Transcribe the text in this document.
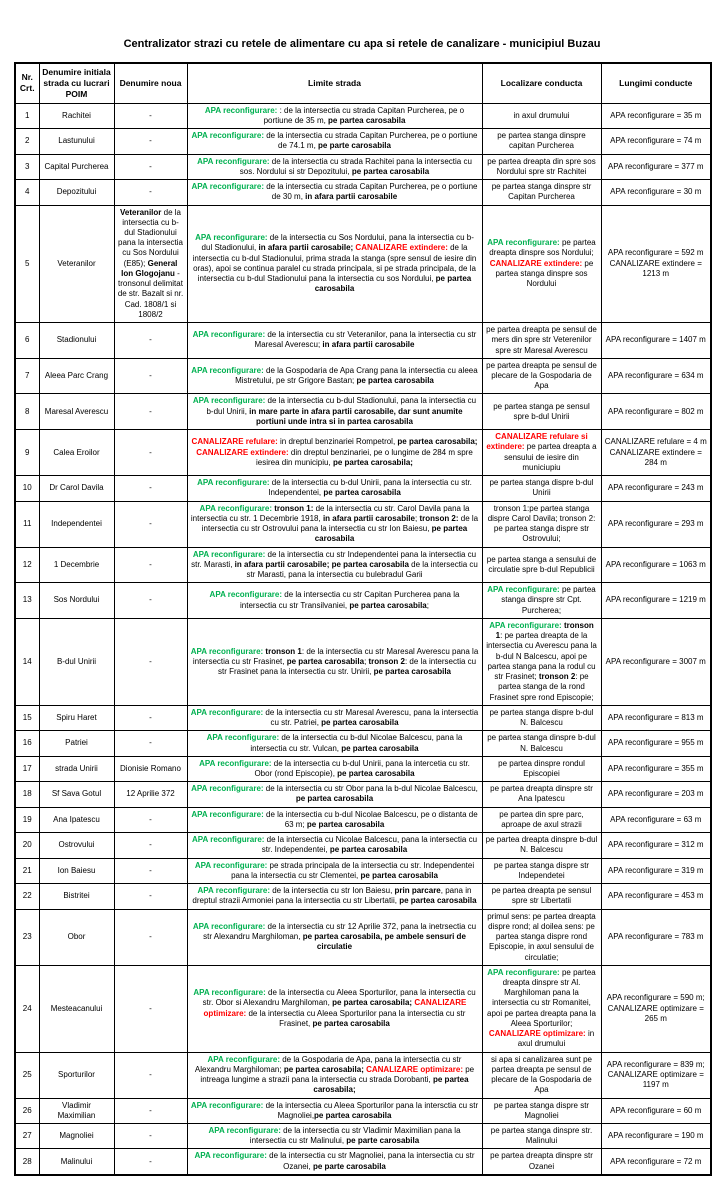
Centralizator strazi cu retele de alimentare cu apa si retele de canalizare - municipiul Buzau
Nr. Crt.	Denumire initiala strada cu lucrari POIM	Denumire noua	Limite strada	Localizare conducta	Lungimi conducte
1	Rachitei	-	APA reconfigurare: : de la intersectia cu strada Capitan Purcherea, pe o portiune de 35 m, pe partea carosabila	in axul drumului	APA reconfigurare = 35 m
2	Lastunului	-	APA reconfigurare: de la intersectia cu strada Capitan Purcherea, pe o portiune de 74.1 m, pe parte carosabila	pe partea stanga dinspre capitan Purcherea	APA reconfigurare = 74 m
3	Capital Purcherea	-	APA reconfigurare: de la intersectia cu strada Rachitei pana la intersectia cu sos. Nordului si str Depozitului, pe partea carosabila	pe partea dreapta din spre sos Nordului spre str Rachitei	APA reconfigurare = 377 m
4	Depozitului	-	APA reconfigurare: de la intersectia cu strada Capitan Purcherea, pe o portiune de 30 m, in afara partii carosabile	pe partea stanga dinspre str Capitan Purcherea	APA reconfigurare = 30 m
5	Veteranilor	Veteranilor de la intersectia cu b-dul Stadionului pana la intersectia cu Sos Nordului (E85); General Ion Glogojanu - tronsonul delimitat de str. Bazalt si nr. Cad. 1808/1 si 1808/2	APA reconfigurare: de la intersectia cu Sos Nordului, pana la intersectia cu b-dul Stadionului, in afara partii carosabile; CANALIZARE extindere: de la intersectia cu b-dul Stadionului, prima strada la stanga (spre sensul de iesire din oras), apoi se continua paralel cu strada principala, si pe strada principala, de la intersectia cu b-dul Stadionului pana la intersectia cu sos Nordului, pe partea carosabila	APA reconfigurare: pe partea dreapta dinspre sos Nordului; CANALIZARE extindere: pe partea stanga dinspre sos Nordului	APA reconfigurare = 592 m CANALIZARE extindere = 1213 m
6	Stadionului	-	APA reconfigurare: de la intersectia cu str Veteranilor, pana la intersectia cu str Maresal Averescu; in afara partii carosabile	pe partea dreapta pe sensul de mers din spre str Veterenilor spre str Maresal Averescu	APA reconfigurare = 1407 m
7	Aleea Parc Crang	-	APA reconfigurare: de la Gospodaria de Apa Crang pana la intersectia cu aleea Mistretului, pe str Grigore Bastan; pe partea carosabila	pe partea dreapta pe sensul de plecare de la Gospodaria de Apa	APA reconfigurare = 634 m
8	Maresal Averescu	-	APA reconfigurare: de la intersectia cu b-dul Stadionului, pana la intersectia cu b-dul Unirii, in mare parte in afara partii carosabile, dar sunt anumite portiuni unde intra si in partea carosabila	pe partea stanga pe sensul spre b-dul Unirii	APA reconfigurare = 802 m
9	Calea Eroilor	-	CANALIZARE refulare: in dreptul benzinariei Rompetrol, pe partea carosabila; CANALIZARE extindere: din dreptul benzinariei, pe o lungime de 284 m spre iesirea din municipiu, pe partea carosabila;	CANALIZARE refulare si extindere: pe partea dreapta a sensului de iesire din municiupiu	CANALIZARE refulare = 4 m CANALIZARE extindere = 284 m
10	Dr Carol Davila	-	APA reconfigurare: de la intersectia cu b-dul Unirii, pana la intersectia cu str. Independentei, pe partea carosabila	pe partea stanga dispre b-dul Unirii	APA reconfigurare = 243 m
11	Independentei	-	APA reconfigurare: tronson 1: de la intersectia cu str. Carol Davila pana la intersectia cu str. 1 Decembrie 1918, in afara partii carosabile; tronson 2: de la intersectia cu str Ostrovului pana la intersectia cu str Ion Baiesu, pe partea carosabila	tronson 1:pe partea stanga dispre Carol Davila; tronson 2: pe partea stanga dispre str Ostrovului;	APA reconfigurare = 293 m
12	1 Decembrie	-	APA reconfigurare: de la intersectia cu str Independentei pana la intersectia cu str. Marasti, in afara partii carosabile; pe partea carosabila de la intersectia cu str Marasti, pana la intersectia cu bulebradul Garii	pe partea stanga a sensului de circulatie spre b-dul Republicii	APA reconfigurare = 1063 m
13	Sos Nordului	-	APA reconfigurare: de la intersectia cu str Capitan Purcherea pana la intersectia cu str Transilvaniei, pe partea carosabila;	APA reconfigurare: pe partea stanga dinspre str Cpt. Purcherea;	APA reconfigurare = 1219 m
14	B-dul Unirii	-	APA reconfigurare: tronson 1: de la intersectia cu str Maresal Averescu pana la intersectia cu str Frasinet, pe partea carosabila; tronson 2: de la intersectia cu str Frasinet pana la intersectia cu str. Unirii, pe partea carosabila	APA reconfigurare: tronson 1: pe partea dreapta de la intersectia cu Averescu pana la b-dul N Balcescu, apoi pe partea stanga pana la rodul cu str Frasinet; tronson 2: pe partea stanga de la rond Frasinet spre rond Episcopie;	APA reconfigurare = 3007 m
15	Spiru Haret	-	APA reconfigurare: de la intersectia cu str Maresal Averescu, pana la intersectia cu str. Patriei, pe partea carosabila	pe partea stanga dispre b-dul N. Balcescu	APA reconfigurare = 813 m
16	Patriei	-	APA reconfigurare: de la intersectia cu b-dul Nicolae Balcescu, pana la intersectia cu str. Vulcan, pe partea carosabila	pe partea stanga dinspre b-dul N. Balcescu	APA reconfigurare = 955 m
17	strada Unirii	Dionisie Romano	APA reconfigurare: de la intersectia cu b-dul Unirii, pana la intercetia cu str. Obor (rond Episcopie), pe partea carosabila	pe partea dinspre rondul Episcopiei	APA reconfigurare = 355 m
18	Sf Sava Gotul	12 Aprilie 372	APA reconfigurare: de la intersectia cu str Obor pana la b-dul Nicolae Balcescu, pe partea carosabila	pe partea dreapta dinspre str Ana Ipatescu	APA reconfigurare = 203 m
19	Ana Ipatescu	-	APA reconfigurare: de la intersectia cu b-dul Nicolae Balcescu, pe o distanta de 63 m; pe partea carosabila	pe partea din spre parc, aproape de axul strazii	APA reconfigurare = 63 m
20	Ostrovului	-	APA reconfigurare: de la intersectia cu Nicolae Balcescu, pana la intersectia cu str. Independentei, pe partea carosabila	pe partea dreapta dinspre b-dul N. Balcescu	APA reconfigurare = 312 m
21	Ion Baiesu	-	APA reconfigurare: pe strada principala de la intersectia cu str. Independentei pana la intersectia cu str Clementei, pe partea carosabila	pe partea stanga dispre str Independetei	APA reconfigurare = 319 m
22	Bistritei	-	APA reconfigurare: de la intersectia cu str Ion Baiesu, prin parcare, pana in dreptul strazii Armoniei pana la intersectia cu str Libertatii, pe partea carosabila	pe partea dreapta pe sensul spre str Libertatii	APA reconfigurare = 453 m
23	Obor	-	APA reconfigurare: de la intersectia cu str 12 Aprilie 372, pana la inetrsectia cu str Alexandru Marghiloman, pe partea carosabila, pe ambele sensuri de circulatie	primul sens: pe partea dreapta dispre rond; al doilea sens: pe partea stanga dispre rond Episcopie, in axul sensului de circulatie;	APA reconfigurare = 783 m
24	Mesteacanului	-	APA reconfigurare: de la intersectia cu Aleea Sporturilor, pana la intersectia cu str. Obor si Alexandru Marghiloman, pe partea carosabila; CANALIZARE optimizare: de la intersectia cu Aleea Sporturilor pana la intersectia cu str Frasinet, pe partea carosabila	APA reconfigurare: pe partea dreapta dinspre str Al. Marghiloman pana la intersectia cu str Romanitei, apoi pe partea dreapta pana la Aleea Sporturilor; CANALIZARE optimizare: in axul drumului	APA reconfigurare = 590 m; CANALIZARE optimizare = 265 m
25	Sporturilor	-	APA reconfigurare: de la Gospodaria de Apa, pana la intersectia cu str Alexandru Marghiloman; pe partea carosabila; CANALIZARE optimizare: pe intreaga lungime a strazii pana la intersectia cu strada Dorobanti, pe partea carosabila;	si apa si canalizarea sunt pe partea dreapta pe sensul de plecare de la Gospodaria de Apa	APA reconfigurare = 839 m; CANALIZARE optimizare = 1197 m
26	Vladimir Maximilian	-	APA reconfigurare: de la intersectia cu Aleea Sporturilor pana la intersctia cu str Magnoliei,pe partea carosabila	pe partea stanga dispre str Magnoliei	APA reconfigurare = 60 m
27	Magnoliei	-	APA reconfigurare: de la intersectia cu str Vladimir Maximilian pana la intersectia cu str Malinului, pe parte carosabila	pe partea stanga dinspre str. Malinului	APA reconfigurare = 190 m
28	Malinului	-	APA reconfigurare: de la intersectia cu str Magnoliei, pana la intersectia cu str Ozanei, pe parte carosabila	pe partea dreapta dinspre str Ozanei	APA reconfigurare = 72 m
